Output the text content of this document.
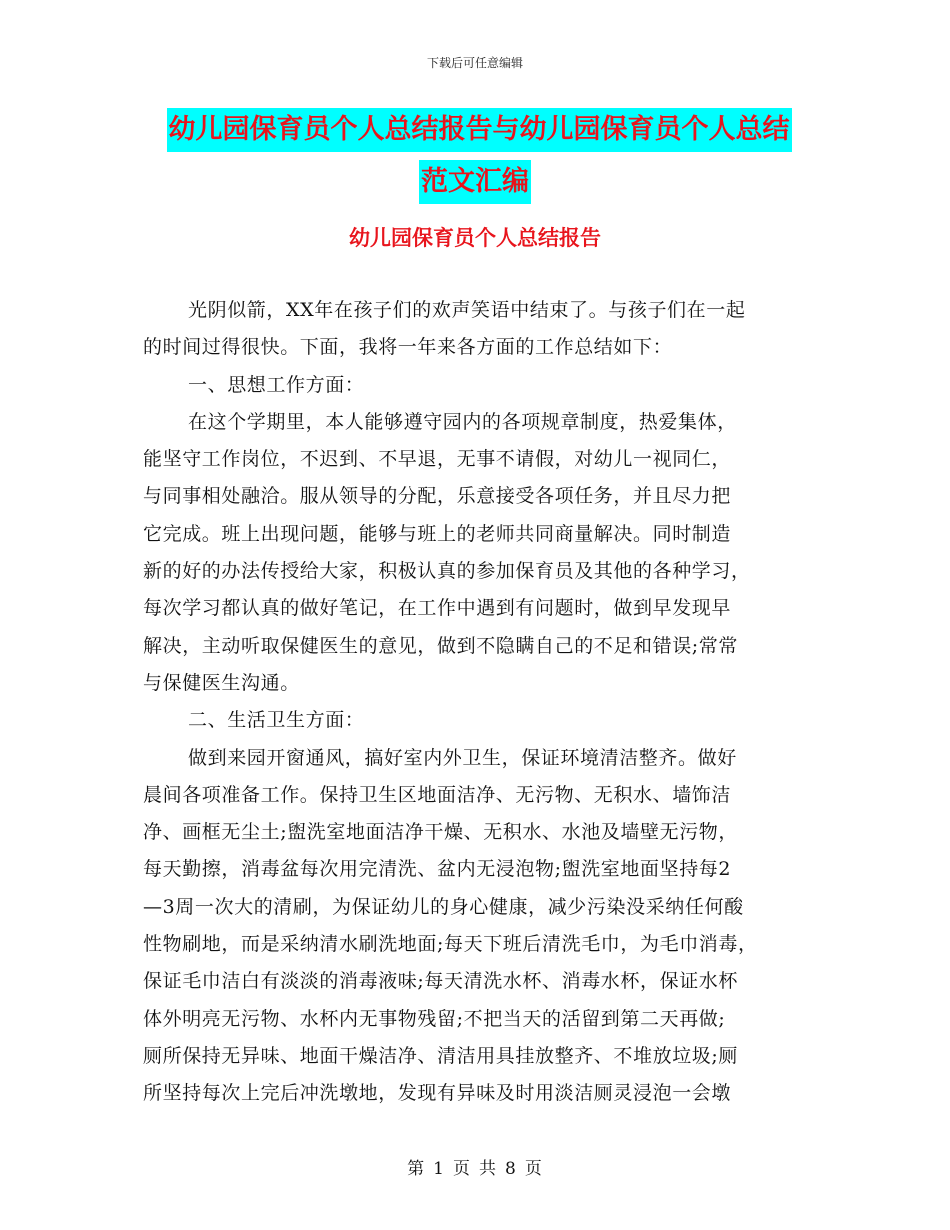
下载后可任意编辑
幼儿园保育员个人总结报告与幼儿园保育员个人总结
范文汇编
幼儿园保育员个人总结报告

光阴似箭，XX年在孩子们的欢声笑语中结束了。与孩子们在一起

的时间过得很快。下面，我将一年来各方面的工作总结如下：

一、思想工作方面：

在这个学期里，本人能够遵守园内的各项规章制度，热爱集体，

能坚守工作岗位，不迟到、不早退，无事不请假，对幼儿一视同仁，

与同事相处融洽。服从领导的分配，乐意接受各项任务，并且尽力把

它完成。班上出现问题，能够与班上的老师共同商量解决。同时制造

新的好的办法传授给大家，积极认真的参加保育员及其他的各种学习，

每次学习都认真的做好笔记，在工作中遇到有问题时，做到早发现早

解决，主动听取保健医生的意见，做到不隐瞒自己的不足和错误;常常

与保健医生沟通。

二、生活卫生方面：

做到来园开窗通风，搞好室内外卫生，保证环境清洁整齐。做好

晨间各项准备工作。保持卫生区地面洁净、无污物、无积水、墙饰洁

净、画框无尘土;盥洗室地面洁净干燥、无积水、水池及墙壁无污物，

每天勤擦，消毒盆每次用完清洗、盆内无浸泡物;盥洗室地面坚持每2

—3周一次大的清刷，为保证幼儿的身心健康，减少污染没采纳任何酸

性物刷地，而是采纳清水刷洗地面;每天下班后清洗毛巾，为毛巾消毒，

保证毛巾洁白有淡淡的消毒液味;每天清洗水杯、消毒水杯，保证水杯

体外明亮无污物、水杯内无事物残留;不把当天的活留到第二天再做;

厕所保持无异味、地面干燥洁净、清洁用具挂放整齐、不堆放垃圾;厕

所坚持每次上完后冲洗墩地，发现有异味及时用淡洁厕灵浸泡一会墩

第 1 页 共 8 页
